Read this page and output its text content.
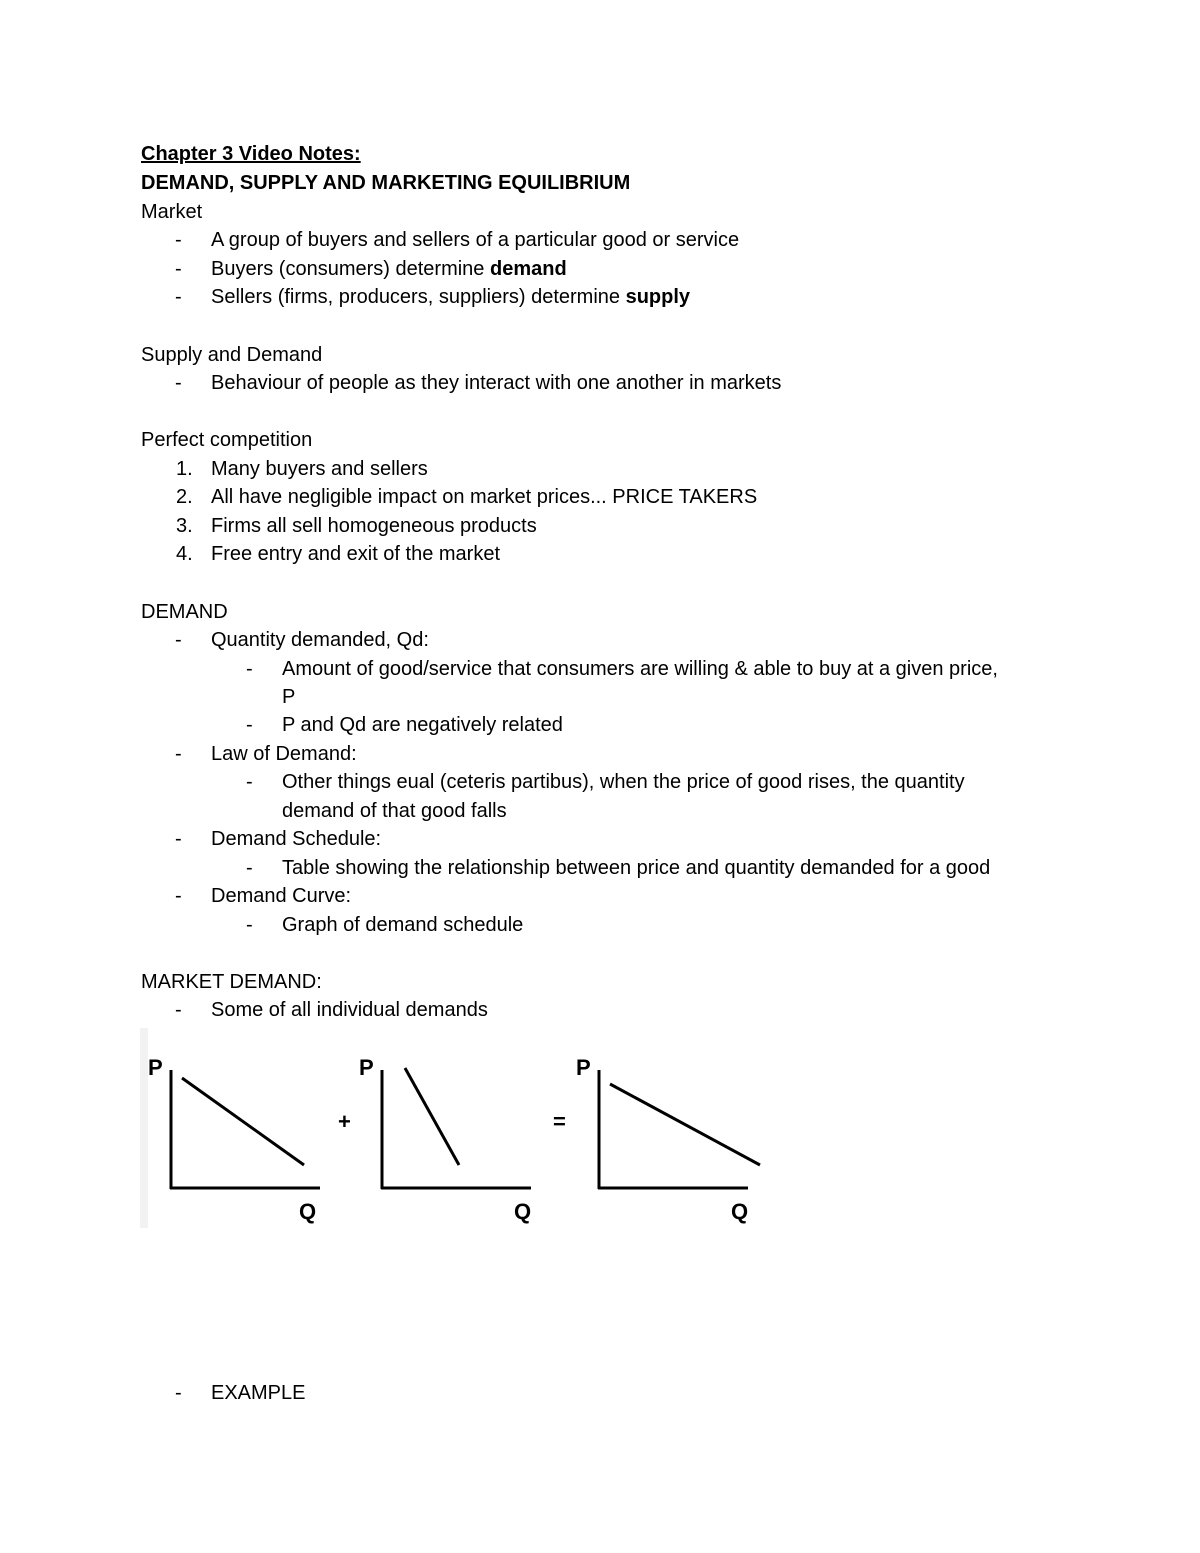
Chapter 3 Video Notes:
DEMAND, SUPPLY AND MARKETING EQUILIBRIUM
Market
- A group of buyers and sellers of a particular good or service
- Buyers (consumers) determine demand
- Sellers (firms, producers, suppliers) determine supply
Supply and Demand
- Behaviour of people as they interact with one another in markets
Perfect competition
1. Many buyers and sellers
2. All have negligible impact on market prices... PRICE TAKERS
3. Firms all sell homogeneous products
4. Free entry and exit of the market
DEMAND
- Quantity demanded, Qd:
- Amount of good/service that consumers are willing & able to buy at a given price,
P
- P and Qd are negatively related
- Law of Demand:
- Other things eual (ceteris partibus), when the price of good rises, the quantity
demand of that good falls
- Demand Schedule:
- Table showing the relationship between price and quantity demanded for a good
- Demand Curve:
- Graph of demand schedule
MARKET DEMAND:
- Some of all individual demands
P
Q
+
P
Q
=
P
Q
- EXAMPLE
